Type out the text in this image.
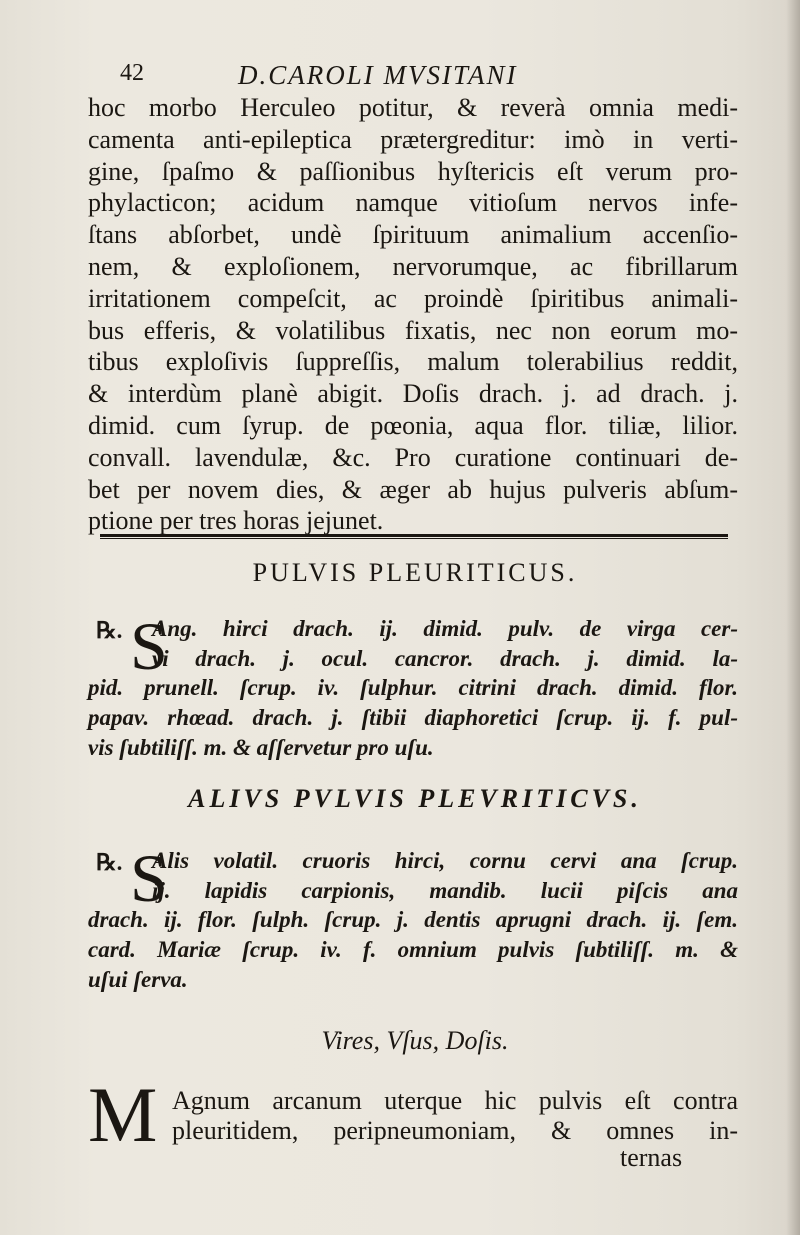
42	D.CAROLI MVSITANI
hoc morbo Herculeo potitur, & reverà omnia medi-
camenta anti-epileptica prætergreditur: imò in verti-
gine, ſpaſmo & paſſionibus hyſtericis eſt verum pro-
phylacticon; acidum namque vitioſum nervos infe-
ſtans abſorbet, undè ſpirituum animalium accenſio-
nem, & exploſionem, nervorumque, ac fibrillarum
irritationem compeſcit, ac proindè ſpiritibus animali-
bus efferis, & volatilibus fixatis, nec non eorum mo-
tibus exploſivis ſuppreſſis, malum tolerabilius reddit,
& interdùm planè abigit. Doſis drach. j. ad drach. j.
dimid. cum ſyrup. de pœonia, aqua flor. tiliæ, lilior.
convall. lavendulæ, &c. Pro curatione continuari de-
bet per novem dies, & æger ab hujus pulveris abſum-
ptione per tres horas jejunet.
PULVIS PLEURITICUS.
℞. S
Ang. hirci drach. ij. dimid. pulv. de virga cer-
vi drach. j. ocul. cancror. drach. j. dimid. la-
pid. prunell. ſcrup. iv. ſulphur. citrini drach. dimid. flor.
papav. rhœad. drach. j. ſtibii diaphoretici ſcrup. ij. f. pul-
vis ſubtiliſſ. m. & aſſervetur pro uſu.
ALIVS PVLVIS PLEVRITICVS.
℞. S
Alis volatil. cruoris hirci, cornu cervi ana ſcrup.
ij. lapidis carpionis, mandib. lucii piſcis ana
drach. ij. flor. ſulph. ſcrup. j. dentis aprugni drach. ij. ſem.
card. Mariæ ſcrup. iv. f. omnium pulvis ſubtiliſſ. m. &
uſui ſerva.
Vires, Vſus, Doſis.
M Agnum arcanum uterque hic pulvis eſt contra
pleuritidem, peripneumoniam, & omnes in-
ternas
